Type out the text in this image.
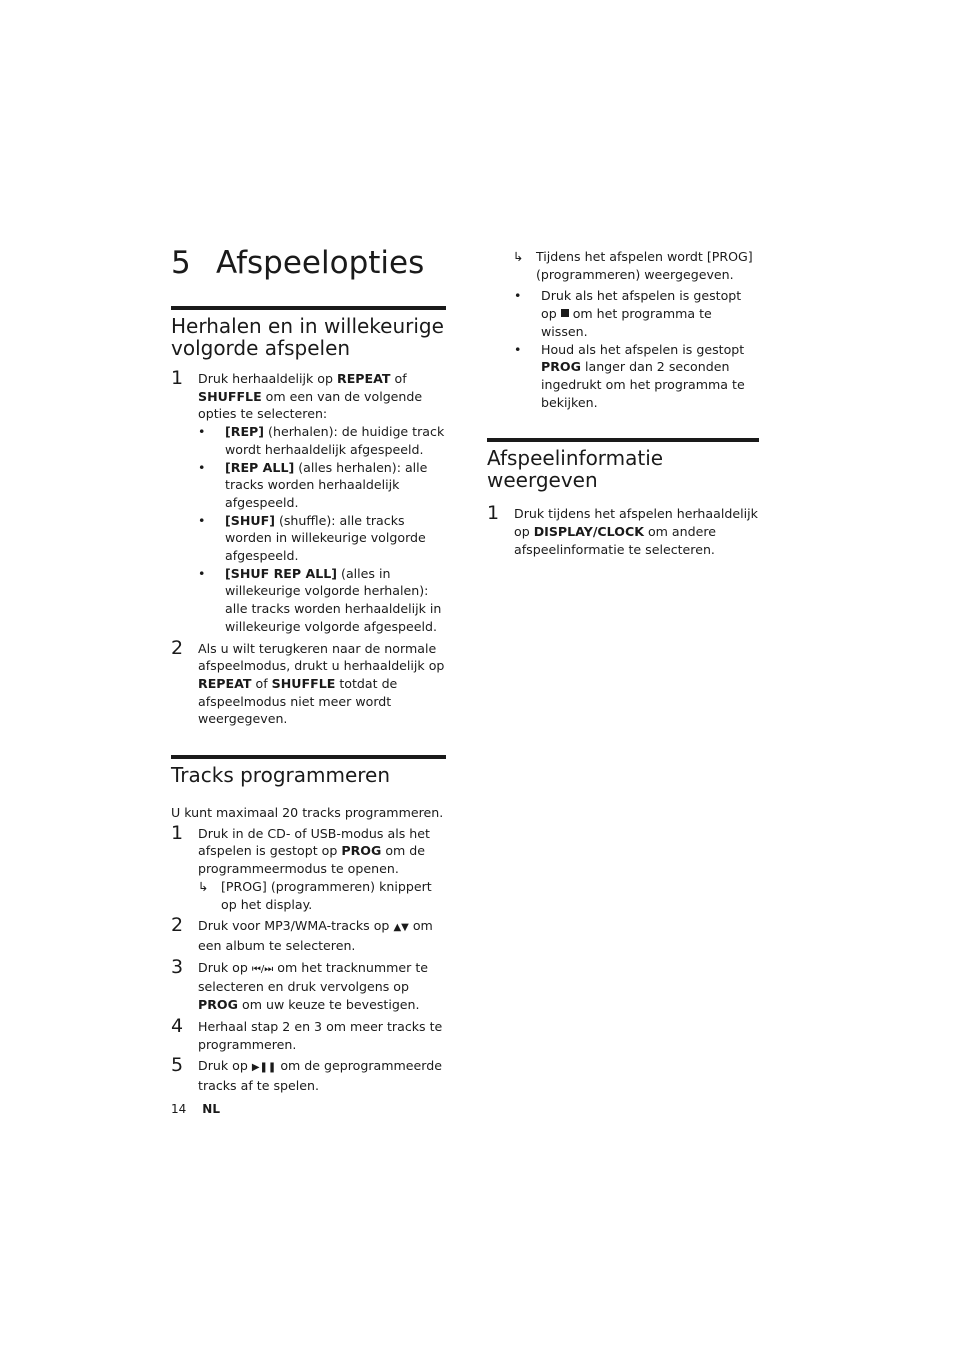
5 Afspeelopties
Herhalen en in willekeurige volgorde afspelen
1 Druk herhaaldelijk op REPEAT of SHUFFLE om een van de volgende opties te selecteren:

• [REP] (herhalen): de huidige track wordt herhaaldelijk afgespeeld.
• [REP ALL] (alles herhalen): alle tracks worden herhaaldelijk afgespeeld.
• [SHUF] (shuffle): alle tracks worden in willekeurige volgorde afgespeeld.
• [SHUF REP ALL] (alles in willekeurige volgorde herhalen): alle tracks worden herhaaldelijk in willekeurige volgorde afgespeeld.
2 Als u wilt terugkeren naar de normale afspeelmodus, drukt u herhaaldelijk op REPEAT of SHUFFLE totdat de afspeelmodus niet meer wordt weergegeven.

Tracks programmeren

U kunt maximaal 20 tracks programmeren.

1 Druk in de CD- of USB-modus als het afspelen is gestopt op PROG om de programmeermodus te openen.

↳ [PROG] (programmeren) knippert op het display.
2 Druk voor MP3/WMA-tracks op ▲▼ om een album te selecteren.

3 Druk op ⏮/⏭ om het tracknummer te selecteren en druk vervolgens op PROG om uw keuze te bevestigen.

4 Herhaal stap 2 en 3 om meer tracks te programmeren.

5 Druk op ▶❚❚ om de geprogrammeerde tracks af te spelen.

↳ Tijdens het afspelen wordt [PROG] (programmeren) weergegeven.
• Druk als het afspelen is gestopt op om het programma te wissen.
• Houd als het afspelen is gestopt PROG langer dan 2 seconden ingedrukt om het programma te bekijken.
Afspeelinformatie weergeven
1 Druk tijdens het afspelen herhaaldelijk op DISPLAY/CLOCK om andere afspeelinformatie te selecteren.

14 NL
